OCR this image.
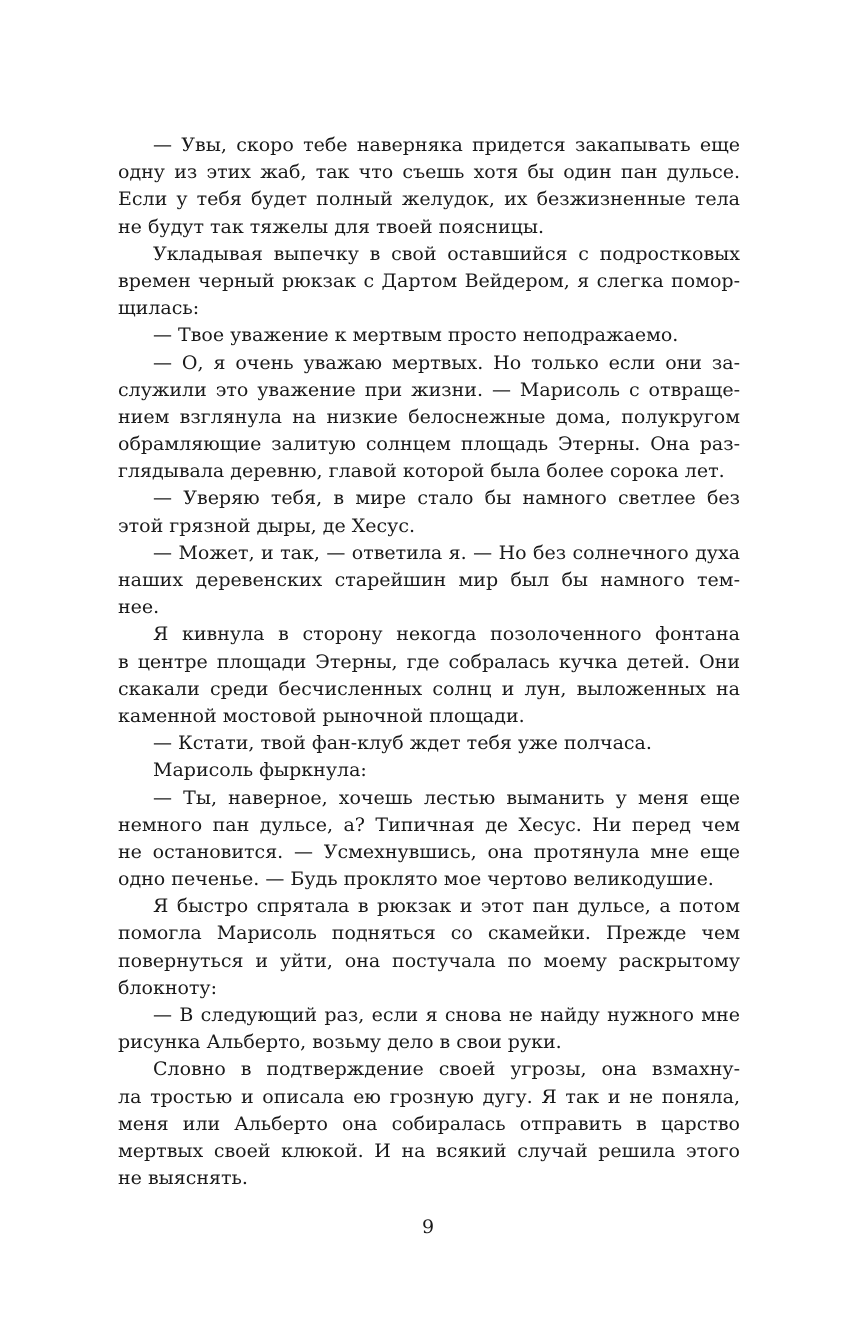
— Увы, скоро тебе наверняка придется закапывать еще
одну из этих жаб, так что съешь хотя бы один пан дульсе.
Если у тебя будет полный желудок, их безжизненные тела
не будут так тяжелы для твоей поясницы.
Укладывая выпечку в свой оставшийся с подростковых
времен черный рюкзак с Дартом Вейдером, я слегка помор-
щилась:
— Твое уважение к мертвым просто неподражаемо.
— О, я очень уважаю мертвых. Но только если они за-
служили это уважение при жизни. — Марисоль с отвраще-
нием взглянула на низкие белоснежные дома, полукругом
обрамляющие залитую солнцем площадь Этерны. Она раз-
глядывала деревню, главой которой была более сорока лет.
— Уверяю тебя, в мире стало бы намного светлее без
этой грязной дыры, де Хесус.
— Может, и так, — ответила я. — Но без солнечного духа
наших деревенских старейшин мир был бы намного тем-
нее.
Я кивнула в сторону некогда позолоченного фонтана
в центре площади Этерны, где собралась кучка детей. Они
скакали среди бесчисленных солнц и лун, выложенных на
каменной мостовой рыночной площади.
— Кстати, твой фан-клуб ждет тебя уже полчаса.
Марисоль фыркнула:
— Ты, наверное, хочешь лестью выманить у меня еще
немного пан дульсе, а? Типичная де Хесус. Ни перед чем
не остановится. — Усмехнувшись, она протянула мне еще
одно печенье. — Будь проклято мое чертово великодушие.
Я быстро спрятала в рюкзак и этот пан дульсе, а потом
помогла Марисоль подняться со скамейки. Прежде чем
повернуться и уйти, она постучала по моему раскрытому
блокноту:
— В следующий раз, если я снова не найду нужного мне
рисунка Альберто, возьму дело в свои руки.
Словно в подтверждение своей угрозы, она взмахну-
ла тростью и описала ею грозную дугу. Я так и не поняла,
меня или Альберто она собиралась отправить в царство
мертвых своей клюкой. И на всякий случай решила этого
не выяснять.
9
